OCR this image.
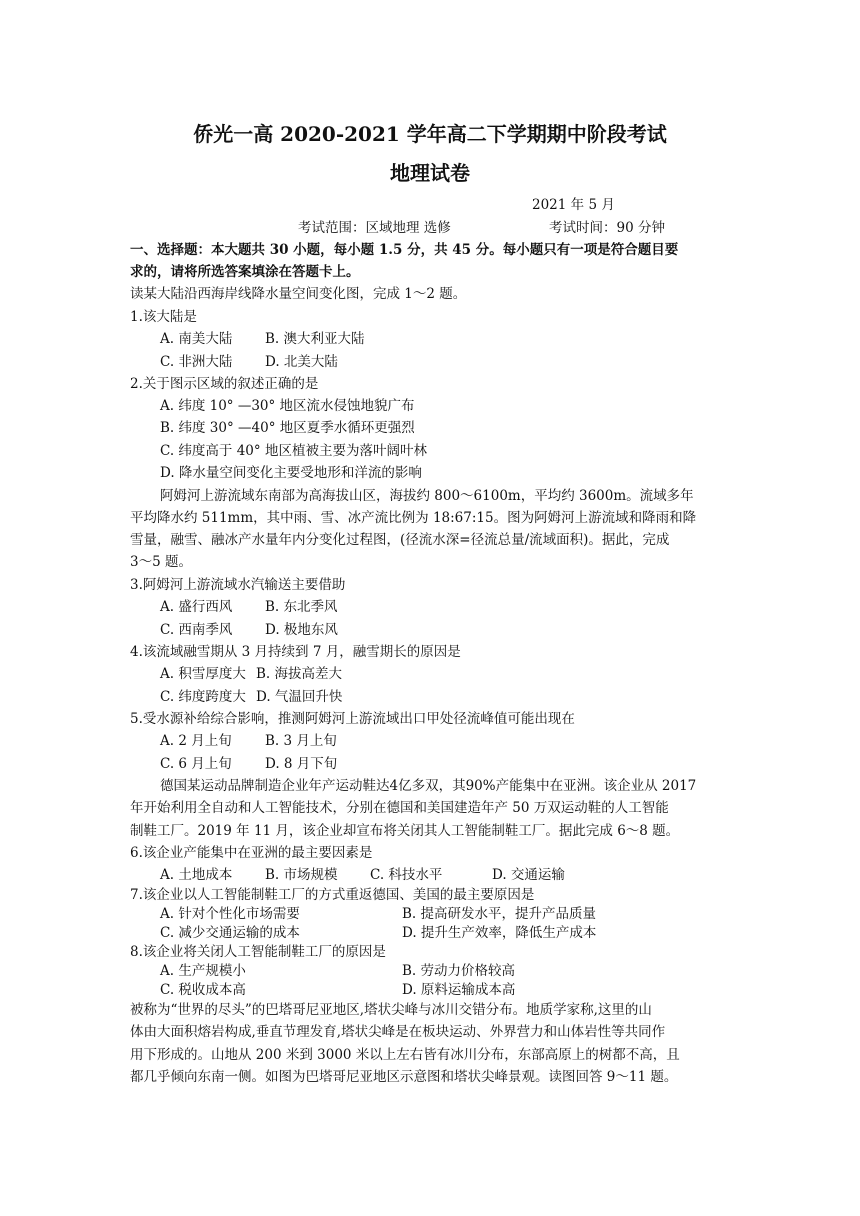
侨光一高 2020-2021 学年高二下学期期中阶段考试
地理试卷
2021 年 5 月
考试范围：区域地理 选修	考试时间：90 分钟
一、选择题：本大题共 30 小题，每小题 1.5 分，共 45 分。每小题只有一项是符合题目要
求的，请将所选答案填涂在答题卡上。
读某大陆沿西海岸线降水量空间变化图，完成 1～2 题。
1.该大陆是
A. 南美大陆 B. 澳大利亚大陆
C. 非洲大陆 D. 北美大陆
2.关于图示区域的叙述正确的是
A. 纬度 10° —30° 地区流水侵蚀地貌广布
B. 纬度 30° —40° 地区夏季水循环更强烈
C. 纬度高于 40° 地区植被主要为落叶阔叶林
D. 降水量空间变化主要受地形和洋流的影响
阿姆河上游流域东南部为高海拔山区，海拔约 800～6100m，平均约 3600m。流域多年
平均降水约 511mm，其中雨、雪、冰产流比例为 18:67:15。图为阿姆河上游流域和降雨和降
雪量，融雪、融冰产水量年内分变化过程图，(径流水深=径流总量/流域面积)。据此，完成
3～5 题。
3.阿姆河上游流域水汽输送主要借助
A. 盛行西风 B. 东北季风
C. 西南季风 D. 极地东风
4.该流域融雪期从 3 月持续到 7 月，融雪期长的原因是
A. 积雪厚度大 B. 海拔高差大
C. 纬度跨度大 D. 气温回升快
5.受水源补给综合影响，推测阿姆河上游流域出口甲处径流峰值可能出现在
A. 2 月上旬 B. 3 月上旬
C. 6 月上旬 D. 8 月下旬
德国某运动品牌制造企业年产运动鞋达4亿多双，其90%产能集中在亚洲。该企业从 2017
年开始利用全自动和人工智能技术，分别在德国和美国建造年产 50 万双运动鞋的人工智能
制鞋工厂。2019 年 11 月，该企业却宣布将关闭其人工智能制鞋工厂。据此完成 6～8 题。
6.该企业产能集中在亚洲的最主要因素是
A. 土地成本 B. 市场规模 C. 科技水平	D. 交通运输
7.该企业以人工智能制鞋工厂的方式重返德国、美国的最主要原因是
A. 针对个性化市场需要	B. 提高研发水平，提升产品质量
C. 减少交通运输的成本	D. 提升生产效率，降低生产成本
8.该企业将关闭人工智能制鞋工厂的原因是
A. 生产规模小	B. 劳动力价格较高
C. 税收成本高	D. 原料运输成本高
被称为“世界的尽头”的巴塔哥尼亚地区,塔状尖峰与冰川交错分布。地质学家称,这里的山
体由大面积熔岩构成,垂直节理发育,塔状尖峰是在板块运动、外界营力和山体岩性等共同作
用下形成的。山地从 200 米到 3000 米以上左右皆有冰川分布，东部高原上的树都不高，且
都几乎倾向东南一侧。如图为巴塔哥尼亚地区示意图和塔状尖峰景观。读图回答 9～11 题。
